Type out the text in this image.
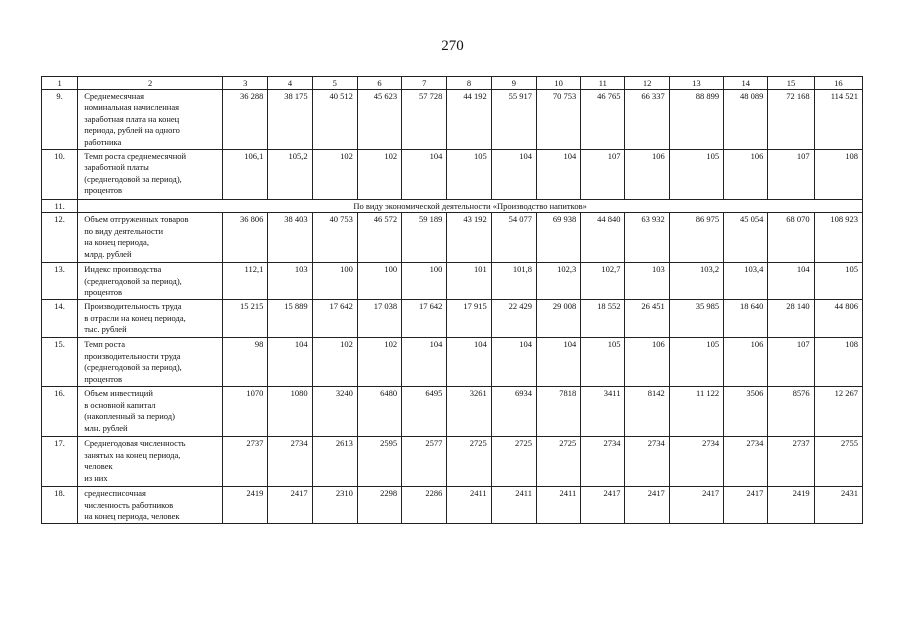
270
1	2	3	4	5	6	7	8	9	10	11	12	13	14	15	16
9.	Среднемесячная
номинальная начисленная
заработная плата на конец
периода, рублей на одного
работника	36 288	38 175	40 512	45 623	57 728	44 192	55 917	70 753	46 765	66 337	88 899	48 089	72 168	114 521
10.	Темп роста среднемесячной
заработной платы
(среднегодовой за период),
процентов	106,1	105,2	102	102	104	105	104	104	107	106	105	106	107	108
11.	По виду экономической деятельности «Производство напитков»														
12.	Объем отгруженных товаров
по виду деятельности
на конец периода,
млрд. рублей	36 806	38 403	40 753	46 572	59 189	43 192	54 077	69 938	44 840	63 932	86 975	45 054	68 070	108 923
13.	Индекс производства
(среднегодовой за период),
процентов	112,1	103	100	100	100	101	101,8	102,3	102,7	103	103,2	103,4	104	105
14.	Производительность труда
в отрасли на конец периода,
тыс. рублей	15 215	15 889	17 642	17 038	17 642	17 915	22 429	29 008	18 552	26 451	35 985	18 640	28 140	44 806
15.	Темп роста
производительности труда
(среднегодовой за период),
процентов	98	104	102	102	104	104	104	104	105	106	105	106	107	108
16.	Объем инвестиций
в основной капитал
(накопленный за период)
млн. рублей	1070	1080	3240	6480	6495	3261	6934	7818	3411	8142	11 122	3506	8576	12 267
17.	Среднегодовая численность
занятых на конец периода,
человек
из них	2737	2734	2613	2595	2577	2725	2725	2725	2734	2734	2734	2734	2737	2755
18.	среднесписочная
численность работников
на конец периода, человек	2419	2417	2310	2298	2286	2411	2411	2411	2417	2417	2417	2417	2419	2431
